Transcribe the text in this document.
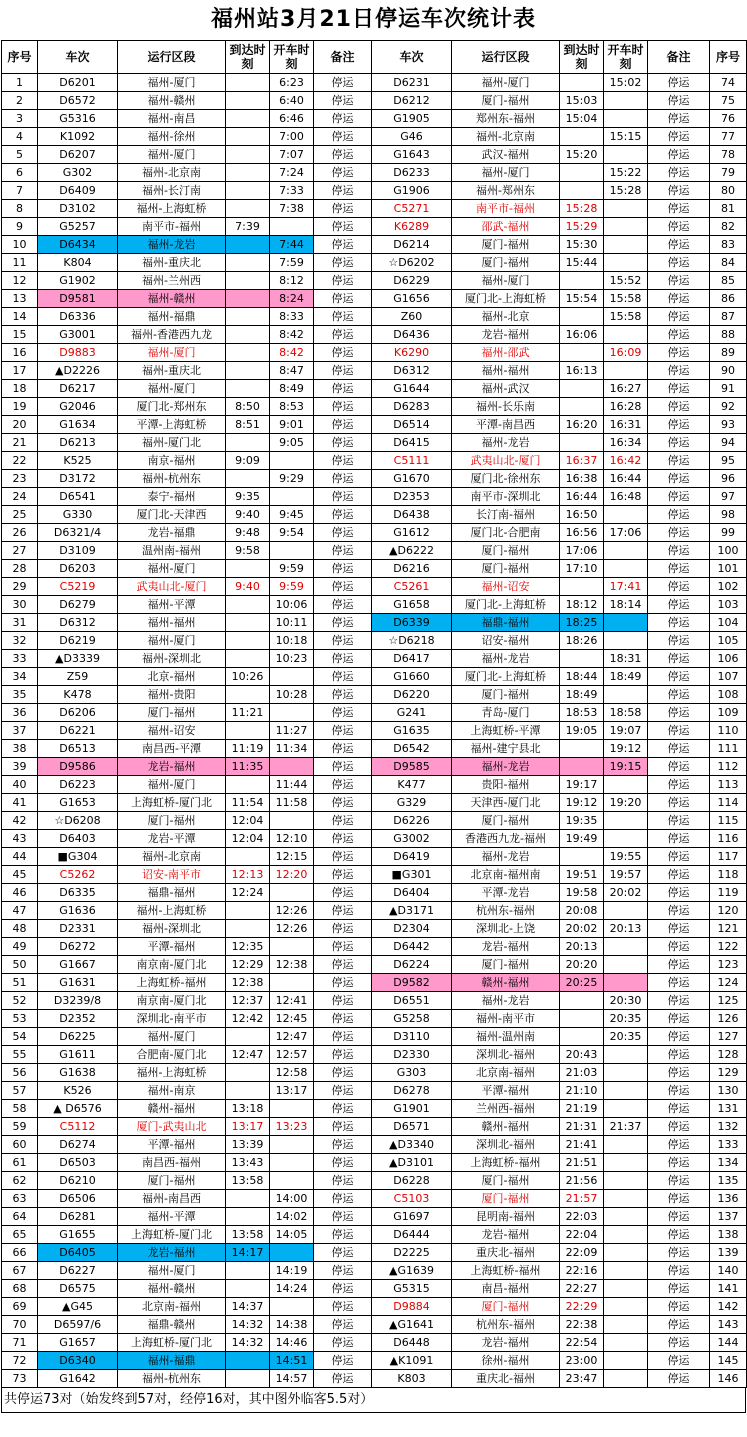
福州站3月21日停运车次统计表
序号	车次	运行区段	到达时刻	开车时刻	备注	车次	运行区段	到达时刻	开车时刻	备注	序号
1	D6201	福州-厦门		6:23	停运	D6231	福州-厦门		15:02	停运	74
2	D6572	福州-赣州		6:40	停运	D6212	厦门-福州	15:03		停运	75
3	G5316	福州-南昌		6:46	停运	G1905	郑州东-福州	15:04		停运	76
4	K1092	福州-徐州		7:00	停运	G46	福州-北京南		15:15	停运	77
5	D6207	福州-厦门		7:07	停运	G1643	武汉-福州	15:20		停运	78
6	G302	福州-北京南		7:24	停运	D6233	福州-厦门		15:22	停运	79
7	D6409	福州-长汀南		7:33	停运	G1906	福州-郑州东		15:28	停运	80
8	D3102	福州-上海虹桥		7:38	停运	C5271	南平市-福州	15:28		停运	81
9	G5257	南平市-福州	7:39		停运	K6289	邵武-福州	15:29		停运	82
10	D6434	福州-龙岩		7:44	停运	D6214	厦门-福州	15:30		停运	83
11	K804	福州-重庆北		7:59	停运	☆D6202	厦门-福州	15:44		停运	84
12	G1902	福州-兰州西		8:12	停运	D6229	福州-厦门		15:52	停运	85
13	D9581	福州-赣州		8:24	停运	G1656	厦门北-上海虹桥	15:54	15:58	停运	86
14	D6336	福州-福鼎		8:33	停运	Z60	福州-北京		15:58	停运	87
15	G3001	福州-香港西九龙		8:42	停运	D6436	龙岩-福州	16:06		停运	88
16	D9883	福州-厦门		8:42	停运	K6290	福州-邵武		16:09	停运	89
17	▲D2226	福州-重庆北		8:47	停运	D6312	福州-福州	16:13		停运	90
18	D6217	福州-厦门		8:49	停运	G1644	福州-武汉		16:27	停运	91
19	G2046	厦门北-郑州东	8:50	8:53	停运	D6283	福州-长乐南		16:28	停运	92
20	G1634	平潭-上海虹桥	8:51	9:01	停运	D6514	平潭-南昌西	16:20	16:31	停运	93
21	D6213	福州-厦门北		9:05	停运	D6415	福州-龙岩		16:34	停运	94
22	K525	南京-福州	9:09		停运	C5111	武夷山北-厦门	16:37	16:42	停运	95
23	D3172	福州-杭州东		9:29	停运	G1670	厦门北-徐州东	16:38	16:44	停运	96
24	D6541	泰宁-福州	9:35		停运	D2353	南平市-深圳北	16:44	16:48	停运	97
25	G330	厦门北-天津西	9:40	9:45	停运	D6438	长汀南-福州	16:50		停运	98
26	D6321/4	龙岩-福鼎	9:48	9:54	停运	G1612	厦门北-合肥南	16:56	17:06	停运	99
27	D3109	温州南-福州	9:58		停运	▲D6222	厦门-福州	17:06		停运	100
28	D6203	福州-厦门		9:59	停运	D6216	厦门-福州	17:10		停运	101
29	C5219	武夷山北-厦门	9:40	9:59	停运	C5261	福州-诏安		17:41	停运	102
30	D6279	福州-平潭		10:06	停运	G1658	厦门北-上海虹桥	18:12	18:14	停运	103
31	D6312	福州-福州		10:11	停运	D6339	福鼎-福州	18:25		停运	104
32	D6219	福州-厦门		10:18	停运	☆D6218	诏安-福州	18:26		停运	105
33	▲D3339	福州-深圳北		10:23	停运	D6417	福州-龙岩		18:31	停运	106
34	Z59	北京-福州	10:26		停运	G1660	厦门北-上海虹桥	18:44	18:49	停运	107
35	K478	福州-贵阳		10:28	停运	D6220	厦门-福州	18:49		停运	108
36	D6206	厦门-福州	11:21		停运	G241	青岛-厦门	18:53	18:58	停运	109
37	D6221	福州-诏安		11:27	停运	G1635	上海虹桥-平潭	19:05	19:07	停运	110
38	D6513	南昌西-平潭	11:19	11:34	停运	D6542	福州-建宁县北		19:12	停运	111
39	D9586	龙岩-福州	11:35		停运	D9585	福州-龙岩		19:15	停运	112
40	D6223	福州-厦门		11:44	停运	K477	贵阳-福州	19:17		停运	113
41	G1653	上海虹桥-厦门北	11:54	11:58	停运	G329	天津西-厦门北	19:12	19:20	停运	114
42	☆D6208	厦门-福州	12:04		停运	D6226	厦门-福州	19:35		停运	115
43	D6403	龙岩-平潭	12:04	12:10	停运	G3002	香港西九龙-福州	19:49		停运	116
44	■G304	福州-北京南		12:15	停运	D6419	福州-龙岩		19:55	停运	117
45	C5262	诏安-南平市	12:13	12:20	停运	■G301	北京南-福州南	19:51	19:57	停运	118
46	D6335	福鼎-福州	12:24		停运	D6404	平潭-龙岩	19:58	20:02	停运	119
47	G1636	福州-上海虹桥		12:26	停运	▲D3171	杭州东-福州	20:08		停运	120
48	D2331	福州-深圳北		12:26	停运	D2304	深圳北-上饶	20:02	20:13	停运	121
49	D6272	平潭-福州	12:35		停运	D6442	龙岩-福州	20:13		停运	122
50	G1667	南京南-厦门北	12:29	12:38	停运	D6224	厦门-福州	20:20		停运	123
51	G1631	上海虹桥-福州	12:38		停运	D9582	赣州-福州	20:25		停运	124
52	D3239/8	南京南-厦门北	12:37	12:41	停运	D6551	福州-龙岩		20:30	停运	125
53	D2352	深圳北-南平市	12:42	12:45	停运	G5258	福州-南平市		20:35	停运	126
54	D6225	福州-厦门		12:47	停运	D3110	福州-温州南		20:35	停运	127
55	G1611	合肥南-厦门北	12:47	12:57	停运	D2330	深圳北-福州	20:43		停运	128
56	G1638	福州-上海虹桥		12:58	停运	G303	北京南-福州	21:03		停运	129
57	K526	福州-南京		13:17	停运	D6278	平潭-福州	21:10		停运	130
58	▲ D6576	赣州-福州	13:18		停运	G1901	兰州西-福州	21:19		停运	131
59	C5112	厦门-武夷山北	13:17	13:23	停运	D6571	赣州-福州	21:31	21:37	停运	132
60	D6274	平潭-福州	13:39		停运	▲D3340	深圳北-福州	21:41		停运	133
61	D6503	南昌西-福州	13:43		停运	▲D3101	上海虹桥-福州	21:51		停运	134
62	D6210	厦门-福州	13:58		停运	D6228	厦门-福州	21:56		停运	135
63	D6506	福州-南昌西		14:00	停运	C5103	厦门-福州	21:57		停运	136
64	D6281	福州-平潭		14:02	停运	G1697	昆明南-福州	22:03		停运	137
65	G1655	上海虹桥-厦门北	13:58	14:05	停运	D6444	龙岩-福州	22:04		停运	138
66	D6405	龙岩-福州	14:17		停运	D2225	重庆北-福州	22:09		停运	139
67	D6227	福州-厦门		14:19	停运	▲G1639	上海虹桥-福州	22:16		停运	140
68	D6575	福州-赣州		14:24	停运	G5315	南昌-福州	22:27		停运	141
69	▲G45	北京南-福州	14:37		停运	D9884	厦门-福州	22:29		停运	142
70	D6597/6	福鼎-赣州	14:32	14:38	停运	▲G1641	杭州东-福州	22:38		停运	143
71	G1657	上海虹桥-厦门北	14:32	14:46	停运	D6448	龙岩-福州	22:54		停运	144
72	D6340	福州-福鼎		14:51	停运	▲K1091	徐州-福州	23:00		停运	145
73	G1642	福州-杭州东		14:57	停运	K803	重庆北-福州	23:47		停运	146
共停运73对（始发终到57对，经停16对，其中图外临客5.5对）
